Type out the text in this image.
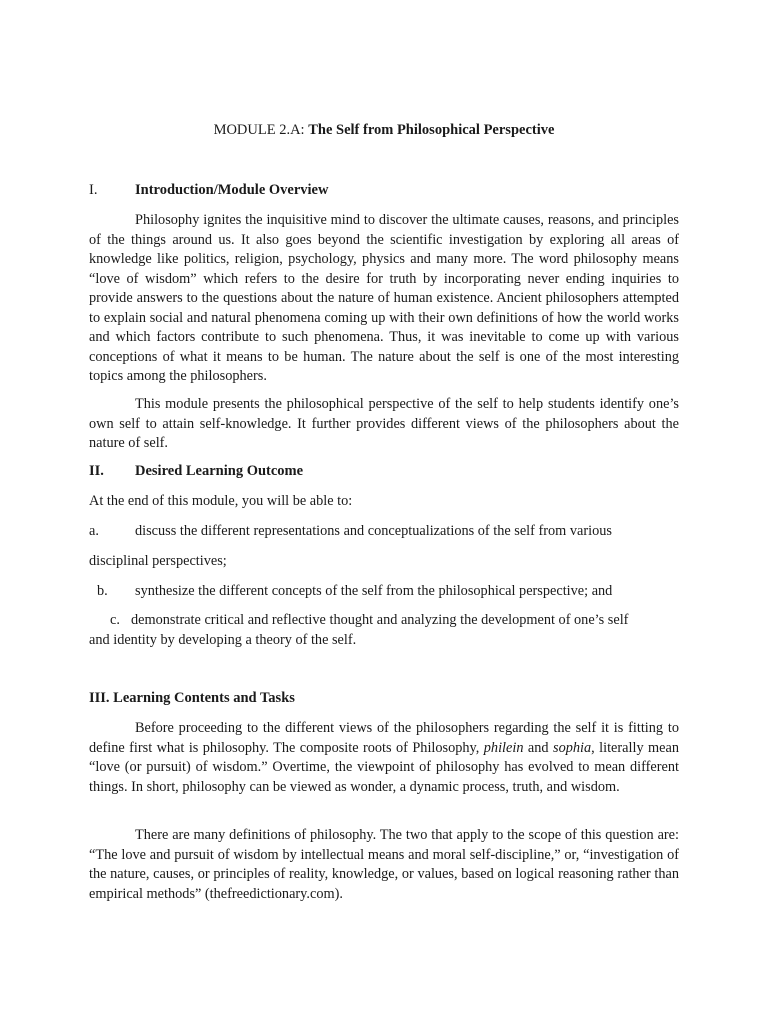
MODULE 2.A: The Self from Philosophical Perspective
I.	Introduction/Module Overview
Philosophy ignites the inquisitive mind to discover the ultimate causes, reasons, and principles of the things around us. It also goes beyond the scientific investigation by exploring all areas of knowledge like politics, religion, psychology, physics and many more. The word philosophy means “love of wisdom” which refers to the desire for truth by incorporating never ending inquiries to provide answers to the questions about the nature of human existence. Ancient philosophers attempted to explain social and natural phenomena coming up with their own definitions of how the world works and which factors contribute to such phenomena. Thus, it was inevitable to come up with various conceptions of what it means to be human. The nature about the self is one of the most interesting topics among the philosophers.
This module presents the philosophical perspective of the self to help students identify one’s own self to attain self-knowledge. It further provides different views of the philosophers about the nature of self.
II. Desired Learning Outcome
At the end of this module, you will be able to:
a.	discuss the different representations and conceptualizations of the self from various
disciplinal perspectives;
b. synthesize the different concepts of the self from the philosophical perspective; and
c. demonstrate critical and reflective thought and analyzing the development of one’s self
and identity by developing a theory of the self.
III. Learning Contents and Tasks
Before proceeding to the different views of the philosophers regarding the self it is fitting to define first what is philosophy. The composite roots of Philosophy, philein and sophia, literally mean “love (or pursuit) of wisdom.” Overtime, the viewpoint of philosophy has evolved to mean different things. In short, philosophy can be viewed as wonder, a dynamic process, truth, and wisdom.
There are many definitions of philosophy. The two that apply to the scope of this question are: “The love and pursuit of wisdom by intellectual means and moral self-discipline,” or, “investigation of the nature, causes, or principles of reality, knowledge, or values, based on logical reasoning rather than empirical methods” (thefreedictionary.com).
